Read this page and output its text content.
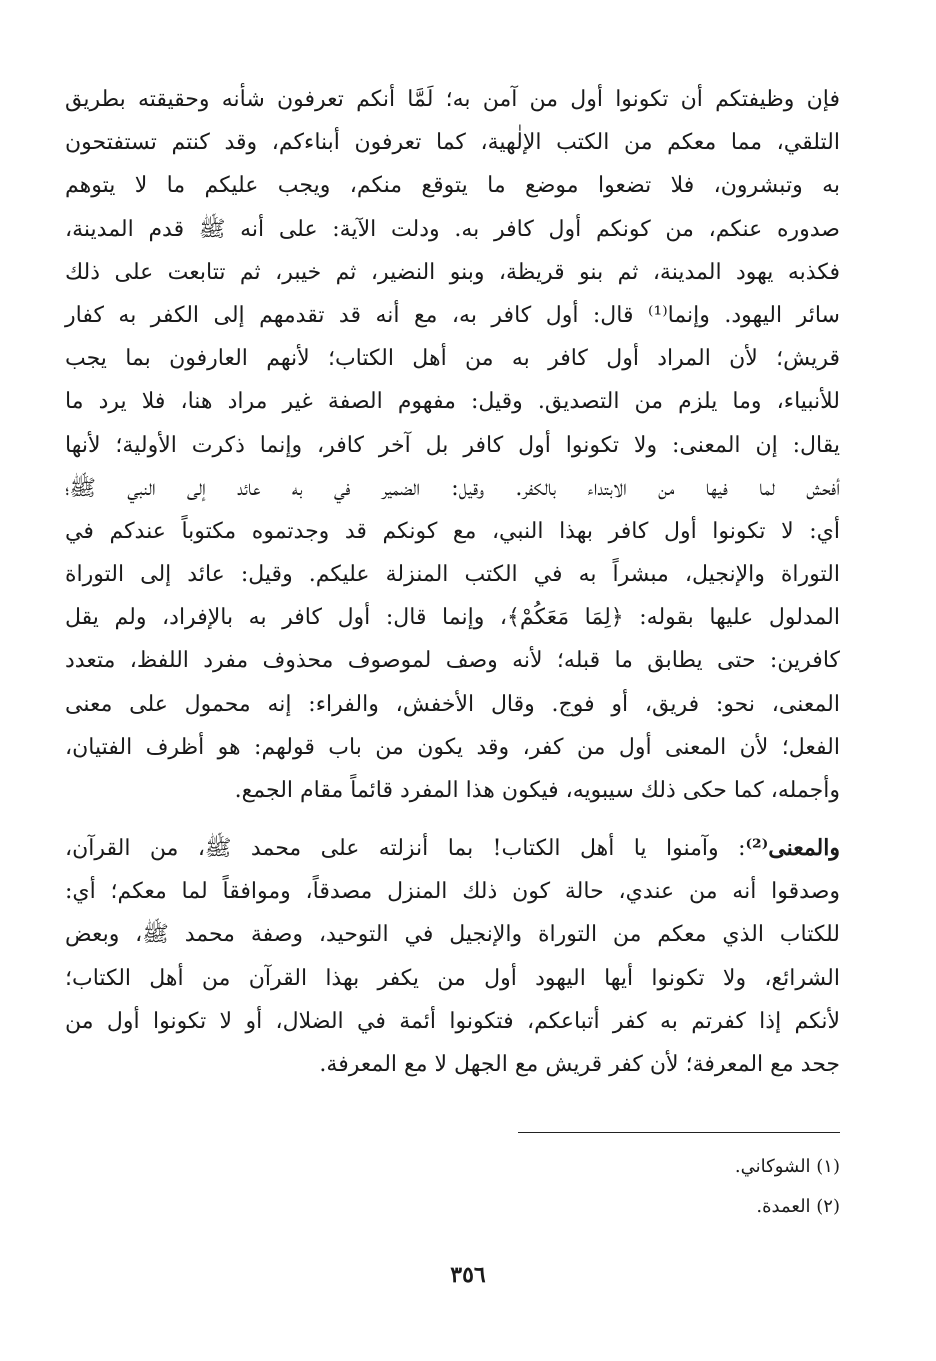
فإن وظيفتكم أن تكونوا أول من آمن به؛ لَمَّا أنكم تعرفون شأنه وحقيقته بطريق
التلقي، مما معكم من الكتب الإلٰهية، كما تعرفون أبناءكم، وقد كنتم تستفتحون
به وتبشرون، فلا تضعوا موضع ما يتوقع منكم، ويجب عليكم ما لا يتوهم
صدوره عنكم، من كونكم أول كافر به. ودلت الآية: على أنه ﷺ قدم المدينة،
فكذبه يهود المدينة، ثم بنو قريظة، وبنو النضير، ثم خيبر، ثم تتابعت على ذلك
سائر اليهود. وإنما⁽¹⁾ قال: أول كافر به، مع أنه قد تقدمهم إلى الكفر به كفار
قريش؛ لأن المراد أول كافر به من أهل الكتاب؛ لأنهم العارفون بما يجب
للأنبياء، وما يلزم من التصديق. وقيل: مفهوم الصفة غير مراد هنا، فلا يرد ما
يقال: إن المعنى: ولا تكونوا أول كافر بل آخر كافر، وإنما ذكرت الأولية؛ لأنها
أفحش لما فيها من الابتداء بالكفر. وقيل: الضمير في به عائد إلى النبي ﷺ؛
أي: لا تكونوا أول كافر بهذا النبي، مع كونكم قد وجدتموه مكتوباً عندكم في
التوراة والإنجيل، مبشراً به في الكتب المنزلة عليكم. وقيل: عائد إلى التوراة
المدلول عليها بقوله: ﴿لِمَا مَعَكُمْ﴾، وإنما قال: أول كافر به بالإفراد، ولم يقل
كافرين: حتى يطابق ما قبله؛ لأنه وصف لموصوف محذوف مفرد اللفظ، متعدد
المعنى، نحو: فريق، أو فوج. وقال الأخفش، والفراء: إنه محمول على معنى
الفعل؛ لأن المعنى أول من كفر، وقد يكون من باب قولهم: هو أظرف الفتيان،
وأجمله، كما حكى ذلك سيبويه، فيكون هذا المفرد قائماً مقام الجمع.
والمعنى⁽²⁾: وآمنوا يا أهل الكتاب! بما أنزلته على محمد ﷺ، من القرآن،
وصدقوا أنه من عندي، حالة كون ذلك المنزل مصدقاً، وموافقاً لما معكم؛ أي:
للكتاب الذي معكم من التوراة والإنجيل في التوحيد، وصفة محمد ﷺ، وبعض
الشرائع، ولا تكونوا أيها اليهود أول من يكفر بهذا القرآن من أهل الكتاب؛
لأنكم إذا كفرتم به كفر أتباعكم، فتكونوا أئمة في الضلال، أو لا تكونوا أول من
جحد مع المعرفة؛ لأن كفر قريش مع الجهل لا مع المعرفة.
(١) الشوكاني.
(٢) العمدة.
٣٥٦
